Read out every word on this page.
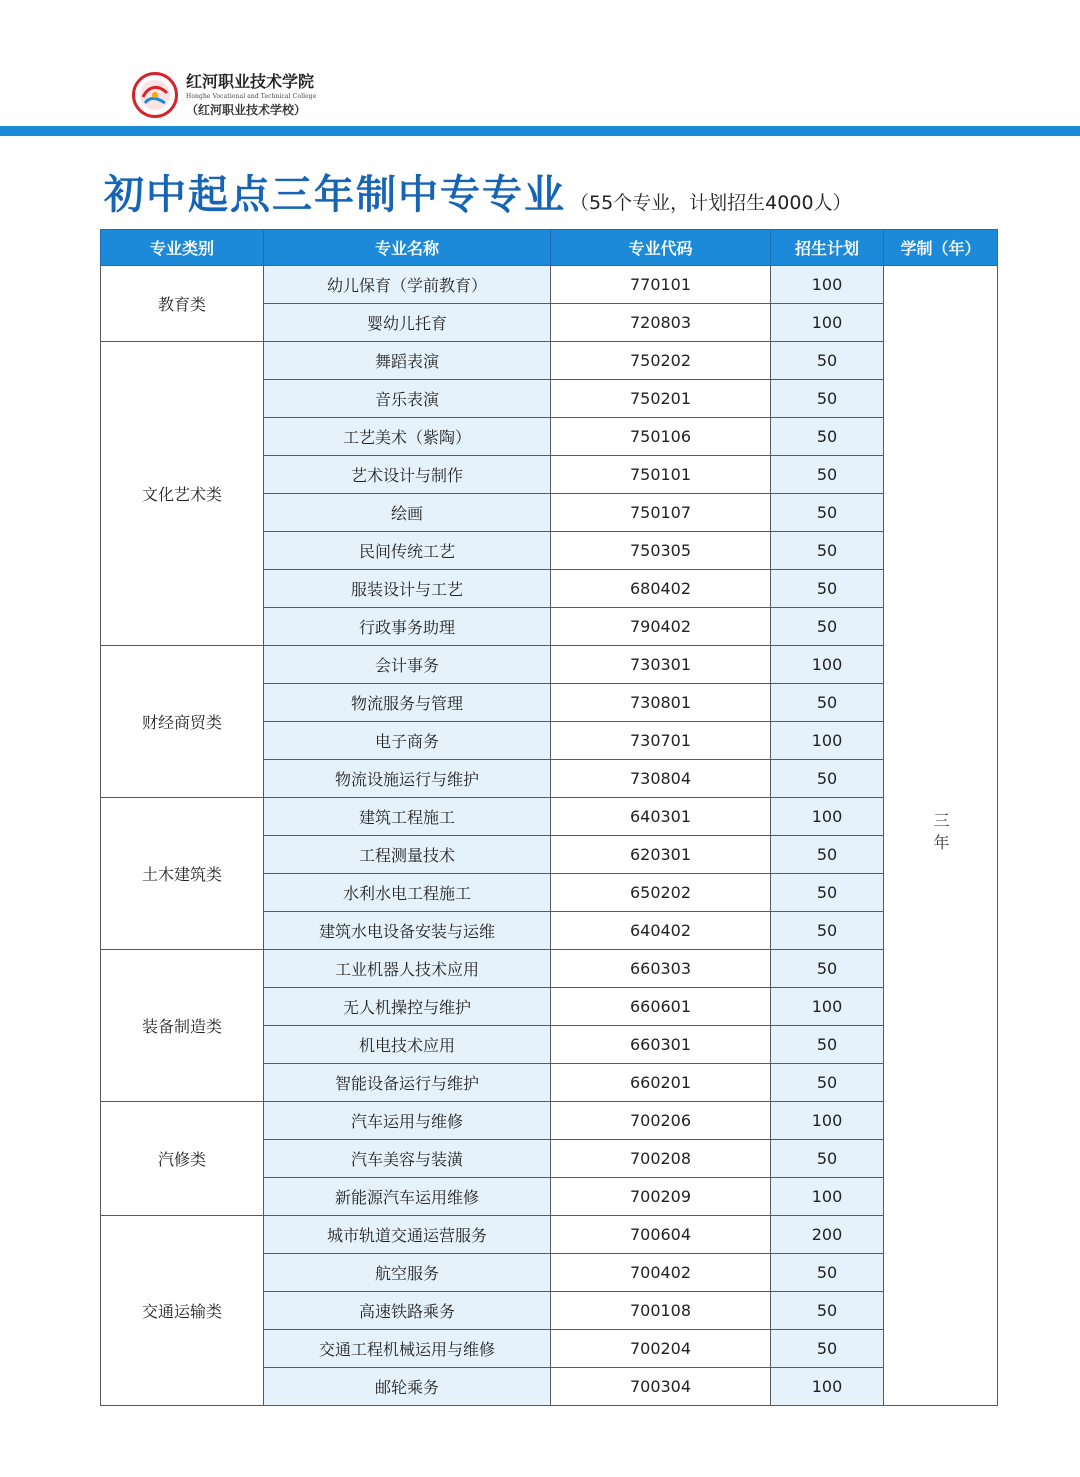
红河职业技术学院
Honghe Vocational and Technical College
（红河职业技术学校）
初中起点三年制中专专业 （55个专业，计划招生4000人）
专业类别	专业名称	专业代码	招生计划	学制（年）
教育类	幼儿保育（学前教育）	770101	100	三年
	婴幼儿托育	720803	100	
文化艺术类	舞蹈表演	750202	50	
	音乐表演	750201	50	
	工艺美术（紫陶）	750106	50	
	艺术设计与制作	750101	50	
	绘画	750107	50	
	民间传统工艺	750305	50	
	服装设计与工艺	680402	50	
	行政事务助理	790402	50	
财经商贸类	会计事务	730301	100	
	物流服务与管理	730801	50	
	电子商务	730701	100	
	物流设施运行与维护	730804	50	
土木建筑类	建筑工程施工	640301	100	
	工程测量技术	620301	50	
	水利水电工程施工	650202	50	
	建筑水电设备安装与运维	640402	50	
装备制造类	工业机器人技术应用	660303	50	
	无人机操控与维护	660601	100	
	机电技术应用	660301	50	
	智能设备运行与维护	660201	50	
汽修类	汽车运用与维修	700206	100	
	汽车美容与装潢	700208	50	
	新能源汽车运用维修	700209	100	
交通运输类	城市轨道交通运营服务	700604	200	
	航空服务	700402	50	
	高速铁路乘务	700108	50	
	交通工程机械运用与维修	700204	50	
	邮轮乘务	700304	100	
